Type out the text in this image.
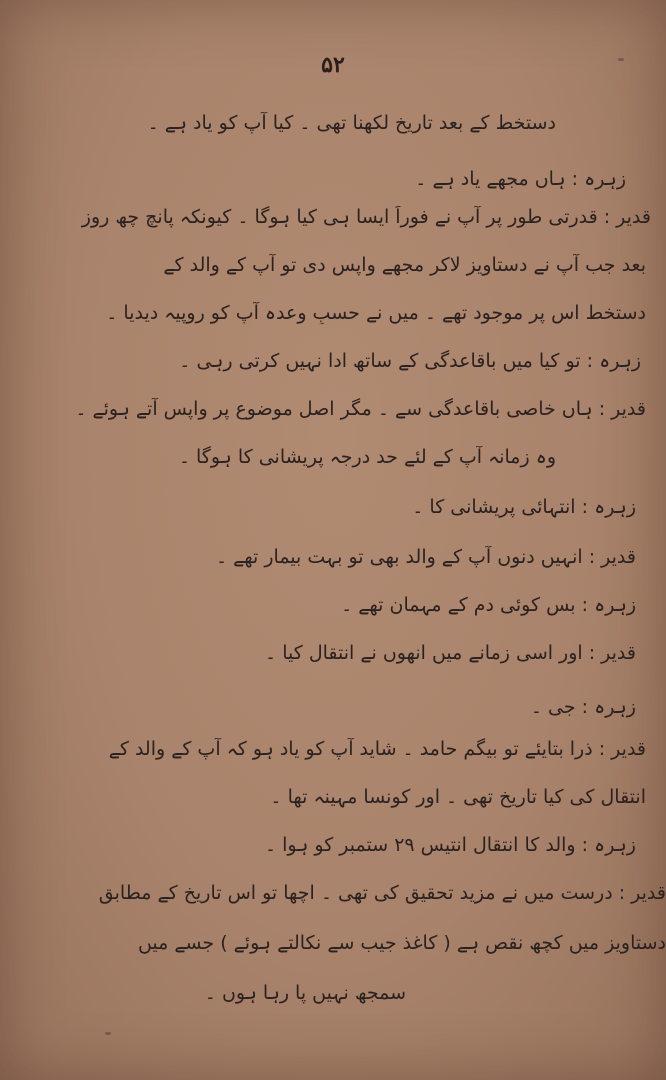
۵۲
دستخط کے بعد تاریخ لکھنا تھی ۔ کیا آپ کو یاد ہے ۔
زہرہ : ہاں مجھے یاد ہے ۔
قدیر : قدرتی طور پر آپ نے فوراً ایسا ہی کیا ہوگا ۔ کیونکہ پانچ چھ روز
بعد جب آپ نے دستاویز لاکر مجھے واپس دی تو آپ کے والد کے
دستخط اس پر موجود تھے ۔ میں نے حسبِ وعدہ آپ کو روپیہ دیدیا ۔
زہرہ : تو کیا میں باقاعدگی کے ساتھ ادا نہیں کرتی رہی ۔
قدیر : ہاں خاصی باقاعدگی سے ۔ مگر اصل موضوع پر واپس آتے ہوئے ۔
وہ زمانہ آپ کے لئے حد درجہ پریشانی کا ہوگا ۔
زہرہ : انتہائی پریشانی کا ۔
قدیر : انہیں دنوں آپ کے والد بھی تو بہت بیمار تھے ۔
زہرہ : بس کوئی دم کے مہمان تھے ۔
قدیر : اور اسی زمانے میں انھوں نے انتقال کیا ۔
زہرہ : جی ۔
قدیر : ذرا بتایئے تو بیگم حامد ۔ شاید آپ کو یاد ہو کہ آپ کے والد کے
انتقال کی کیا تاریخ تھی ۔ اور کونسا مہینہ تھا ۔
زہرہ : والد کا انتقال انتیس ۲۹ ستمبر کو ہوا ۔
قدیر : درست میں نے مزید تحقیق کی تھی ۔ اچھا تو اس تاریخ کے مطابق
دستاویز میں کچھ نقص ہے ( کاغذ جیب سے نکالتے ہوئے ) جسے میں
سمجھ نہیں پا رہا ہوں ۔
